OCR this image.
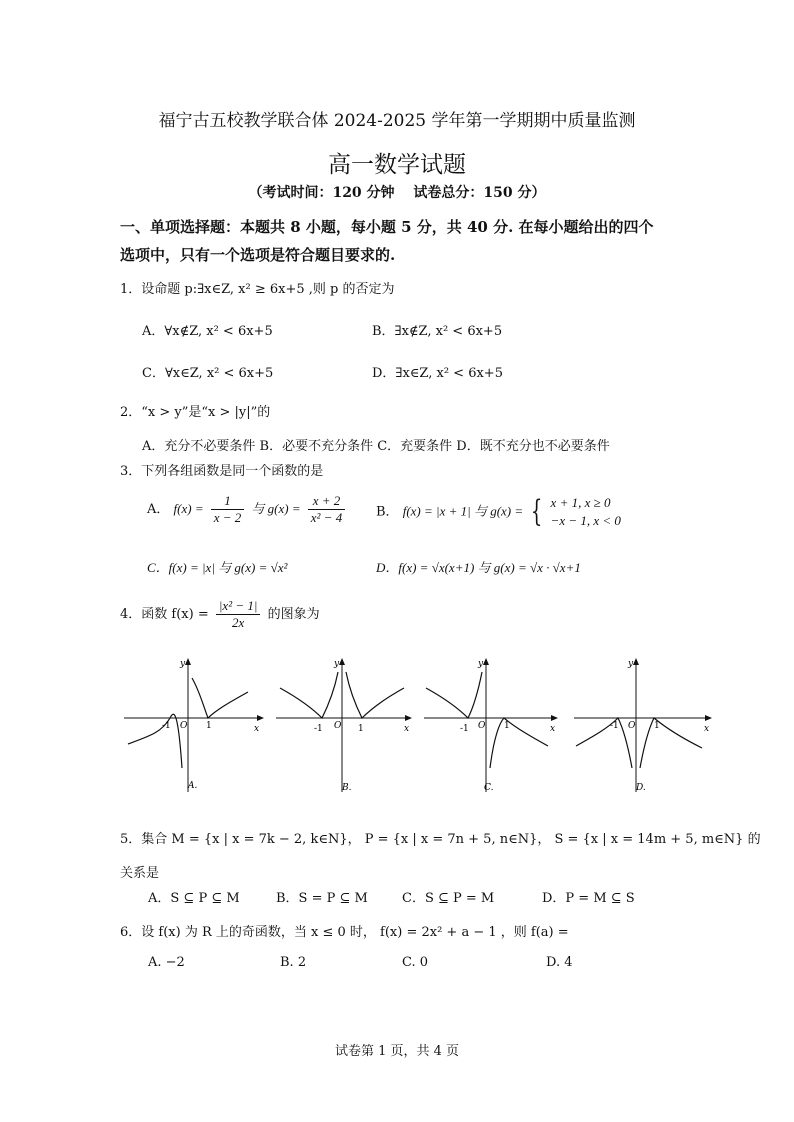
福宁古五校教学联合体 2024-2025 学年第一学期期中质量监测
高一数学试题
（考试时间：120 分钟　 试卷总分：150 分）
一、单项选择题：本题共 8 小题，每小题 5 分，共 40 分. 在每小题给出的四个
选项中，只有一个选项是符合题目要求的.
1．设命题 p:∃x∈Z, x² ≥ 6x+5 ,则 p 的否定为
A．∀x∉Z, x² < 6x+5	B．∃x∉Z, x² < 6x+5
C．∀x∈Z, x² < 6x+5	D．∃x∈Z, x² < 6x+5
2．“x > y”是“x > |y|”的
A．充分不必要条件 B．必要不充分条件 C．充要条件 D．既不充分也不必要条件
3．下列各组函数是同一个函数的是
A． $f(x) = \frac{1}{x - 2}$ 与 $g(x) = \frac{x + 2}{\text{x² − 4}}$ B． f(x) = |x + 1| 与 g(x) = { x + 1, x ≥ 0
−x − 1, x < 0
C．f(x) = |x| 与 g(x) = √x²	D．f(x) = √x(x+1) 与 g(x) = √x · √x+1
4．函数 $f(x) = \frac{\text{|x² − 1|}}{2x}$ 的图象为
y
x
O
-1	1
A.
y
x
O
-1	1
B.
y
x
O
-1	1
C.
y
x
O
-1	1
D.
5．集合 M = {x | x = 7k − 2, k∈N}， P = {x | x = 7n + 5, n∈N}， S = {x | x = 14m + 5, m∈N} 的
关系是
A．S ⊆ P ⊆ M	B．S = P ⊆ M	C．S ⊆ P = M	D．P = M ⊆ S
6．设 f(x) 为 R 上的奇函数，当 x ≤ 0 时， f(x) = 2x² + a − 1 ，则 f(a) =
A. −2	B. 2	C. 0	D. 4
试卷第 1 页，共 4 页
